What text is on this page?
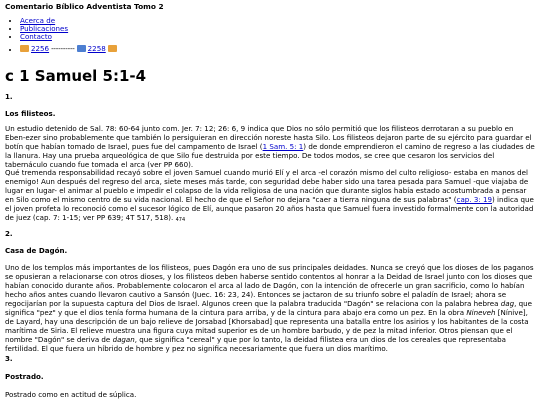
Comentario Bíblico Adventista Tomo 2
• Acerca de
• Publicaciones
• Contacto
• 2256 ---------- 2258
c 1 Samuel 5:1-4
1.
Los filisteos.

Un estudio detenido de Sal. 78: 60-64 junto com. Jer. 7: 12; 26: 6, 9 indica que Dios no sólo permitió que los filisteos derrotaran a su pueblo en Eben-ezer sino probablemente que también lo persiguieran en dirección noreste hasta Silo. Los filisteos dejaron parte de su ejército para guardar el botín que habían tomado de Israel, pues fue del campamento de Israel (1 Sam. 5: 1) de donde emprendieron el camino de regreso a las ciudades de la llanura. Hay una prueba arqueológica de que Silo fue destruida por este tiempo. De todos modos, se cree que cesaron los servicios del tabernáculo cuando fue tomada el arca (ver PP 660).

Qué tremenda responsabilidad recayó sobre el joven Samuel cuando murió Elí y el arca -el corazón mismo del culto religioso- estaba en manos del enemigo! Aun después del regreso del arca, siete meses más tarde, con seguridad debe haber sido una tarea pesada para Samuel -que viajaba de lugar en lugar- el animar al pueblo e impedir el colapso de la vida religiosa de una nación que durante siglos había estado acostumbrada a pensar en Silo como el mismo centro de su vida nacional. El hecho de que el Señor no dejara "caer a tierra ninguna de sus palabras" (cap. 3: 19) indica que el joven profeta lo reconoció como el sucesor lógico de Elí, aunque pasaron 20 años hasta que Samuel fuera investido formalmente con la autoridad de juez (cap. 7: 1-15; ver PP 639; 4T 517, 518). $_{474}$

2.
Casa de Dagón.

Uno de los templos más importantes de los filisteos, pues Dagón era uno de sus principales deidades. Nunca se creyó que los dioses de los paganos se opusieran a relacionarse con otros dioses, y los filisteos deben haberse sentido contentos al honrar a la Deidad de Israel junto con los dioses que habían conocido durante años. Probablemente colocaron el arca al lado de Dagón, con la intención de ofrecerle un gran sacrificio, como lo habían hecho años antes cuando llevaron cautivo a Sansón (Juec. 16: 23, 24). Entonces se jactaron de su triunfo sobre el paladín de Israel; ahora se regocijarían por la supuesta captura del Dios de Israel. Algunos creen que la palabra traducida "Dagón" se relaciona con la palabra hebrea dag, que significa "pez" y que el dios tenía forma humana de la cintura para arriba, y de la cintura para abajo era como un pez. En la obra Nineveh [Nínive], de Layard, hay una descripción de un bajo relieve de Jorsabad [Khorsabad] que representa una batalla entre los asirios y los habitantes de la costa marítima de Siria. El relieve muestra una figura cuya mitad superior es de un hombre barbudo, y de pez la mitad inferior. Otros piensan que el nombre "Dagón" se deriva de dagan, que significa "cereal" y que por lo tanto, la deidad filistea era un dios de los cereales que representaba fertilidad. El que fuera un híbrido de hombre y pez no significa necesariamente que fuera un dios marítimo.

3.
Postrado.

Postrado como en actitud de súplica.
